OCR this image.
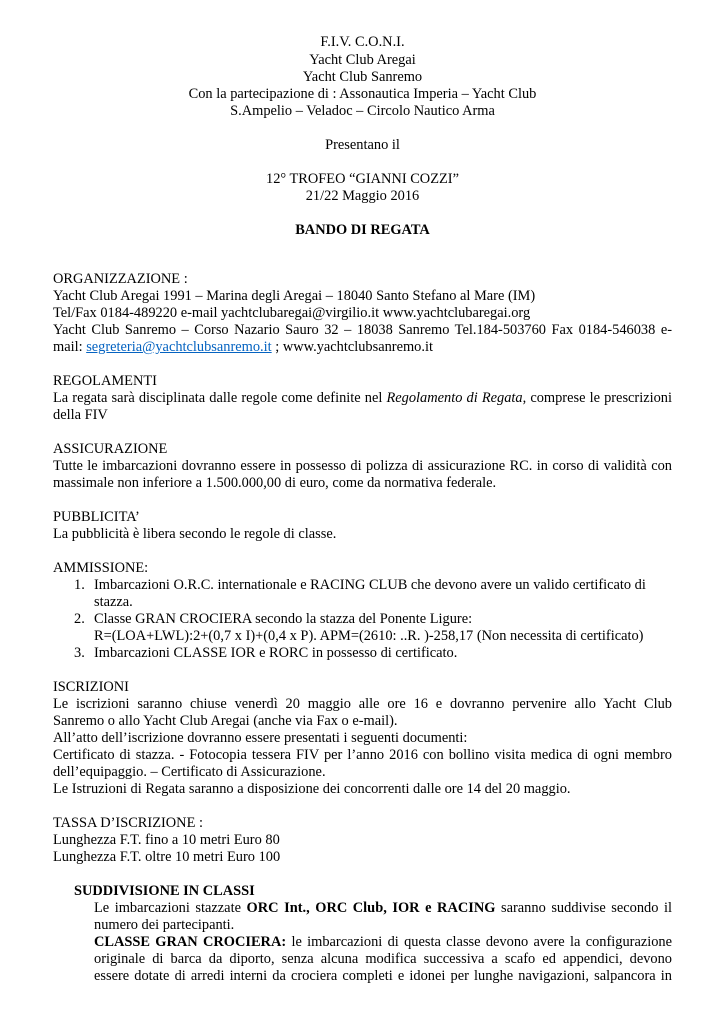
F.I.V. C.O.N.I.
Yacht Club Aregai
Yacht Club Sanremo
Con la partecipazione di : Assonautica Imperia – Yacht Club
S.Ampelio – Veladoc – Circolo Nautico Arma
Presentano il
12° TROFEO “GIANNI COZZI”
21/22 Maggio 2016
BANDO DI REGATA
ORGANIZZAZIONE :
Yacht Club Aregai 1991 – Marina degli Aregai – 18040 Santo Stefano al Mare (IM)
Tel/Fax 0184-489220 e-mail yachtclubaregai@virgilio.it www.yachtclubaregai.org
Yacht Club Sanremo – Corso Nazario Sauro 32 – 18038 Sanremo Tel.184-503760 Fax 0184-546038 e-
mail: segreteria@yachtclubsanremo.it ; www.yachtclubsanremo.it
REGOLAMENTI
La regata sarà disciplinata dalle regole come definite nel Regolamento di Regata, comprese le prescrizioni
della FIV
ASSICURAZIONE
Tutte le imbarcazioni dovranno essere in possesso di polizza di assicurazione RC. in corso di validità con
massimale non inferiore a 1.500.000,00 di euro, come da normativa federale.
PUBBLICITA’
La pubblicità è libera secondo le regole di classe.
AMMISSIONE:
1. Imbarcazioni O.R.C. internationale e RACING CLUB che devono avere un valido certificato di
stazza.
2. Classe GRAN CROCIERA secondo la stazza del Ponente Ligure:
R=(LOA+LWL):2+(0,7 x I)+(0,4 x P). APM=(2610: ..R. )-258,17 (Non necessita di certificato)
3. Imbarcazioni CLASSE IOR e RORC in possesso di certificato.
ISCRIZIONI
Le iscrizioni saranno chiuse venerdì 20 maggio alle ore 16 e dovranno pervenire allo Yacht Club
Sanremo o allo Yacht Club Aregai (anche via Fax o e-mail).
All’atto dell’iscrizione dovranno essere presentati i seguenti documenti:
Certificato di stazza. - Fotocopia tessera FIV per l’anno 2016 con bollino visita medica di ogni membro
dell’equipaggio. – Certificato di Assicurazione.
Le Istruzioni di Regata saranno a disposizione dei concorrenti dalle ore 14 del 20 maggio.
TASSA D’ISCRIZIONE :
Lunghezza F.T. fino a 10 metri Euro 80
Lunghezza F.T. oltre 10 metri Euro 100
SUDDIVISIONE IN CLASSI
Le imbarcazioni stazzate ORC Int., ORC Club, IOR e RACING saranno suddivise secondo il
numero dei partecipanti.
CLASSE GRAN CROCIERA: le imbarcazioni di questa classe devono avere la configurazione
originale di barca da diporto, senza alcuna modifica successiva a scafo ed appendici, devono
essere dotate di arredi interni da crociera completi e idonei per lunghe navigazioni, salpancora in
